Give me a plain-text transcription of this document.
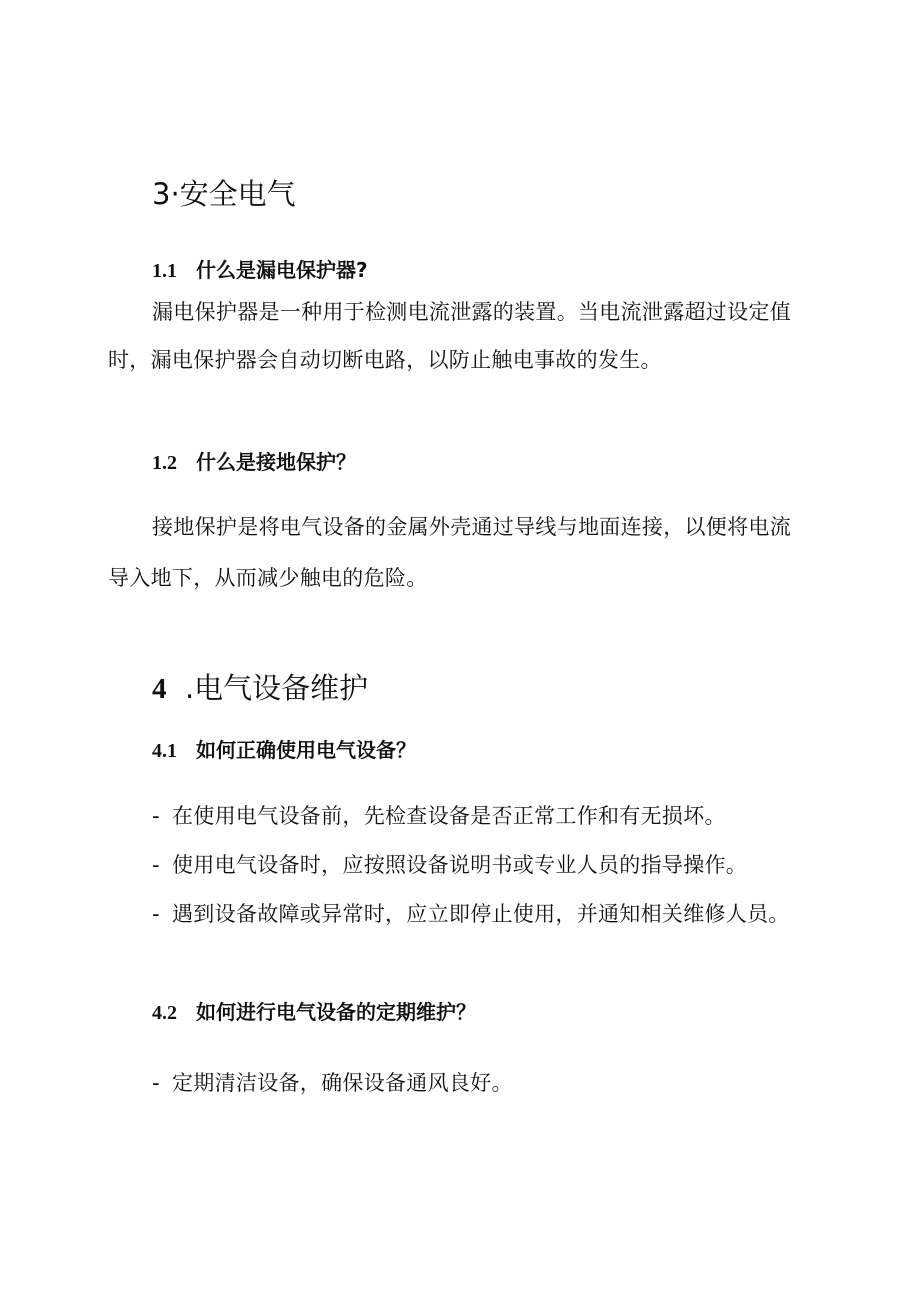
3·安全电气
1.1 什么是漏电保护器?
漏电保护器是一种用于检测电流泄露的装置。当电流泄露超过设定值
时，漏电保护器会自动切断电路，以防止触电事故的发生。
1.2 什么是接地保护？
接地保护是将电气设备的金属外壳通过导线与地面连接，以便将电流
导入地下，从而减少触电的危险。
4 .电气设备维护
4.1 如何正确使用电气设备？
- 在使用电气设备前，先检查设备是否正常工作和有无损坏。
- 使用电气设备时，应按照设备说明书或专业人员的指导操作。
- 遇到设备故障或异常时，应立即停止使用，并通知相关维修人员。
4.2 如何进行电气设备的定期维护？
- 定期清洁设备，确保设备通风良好。
